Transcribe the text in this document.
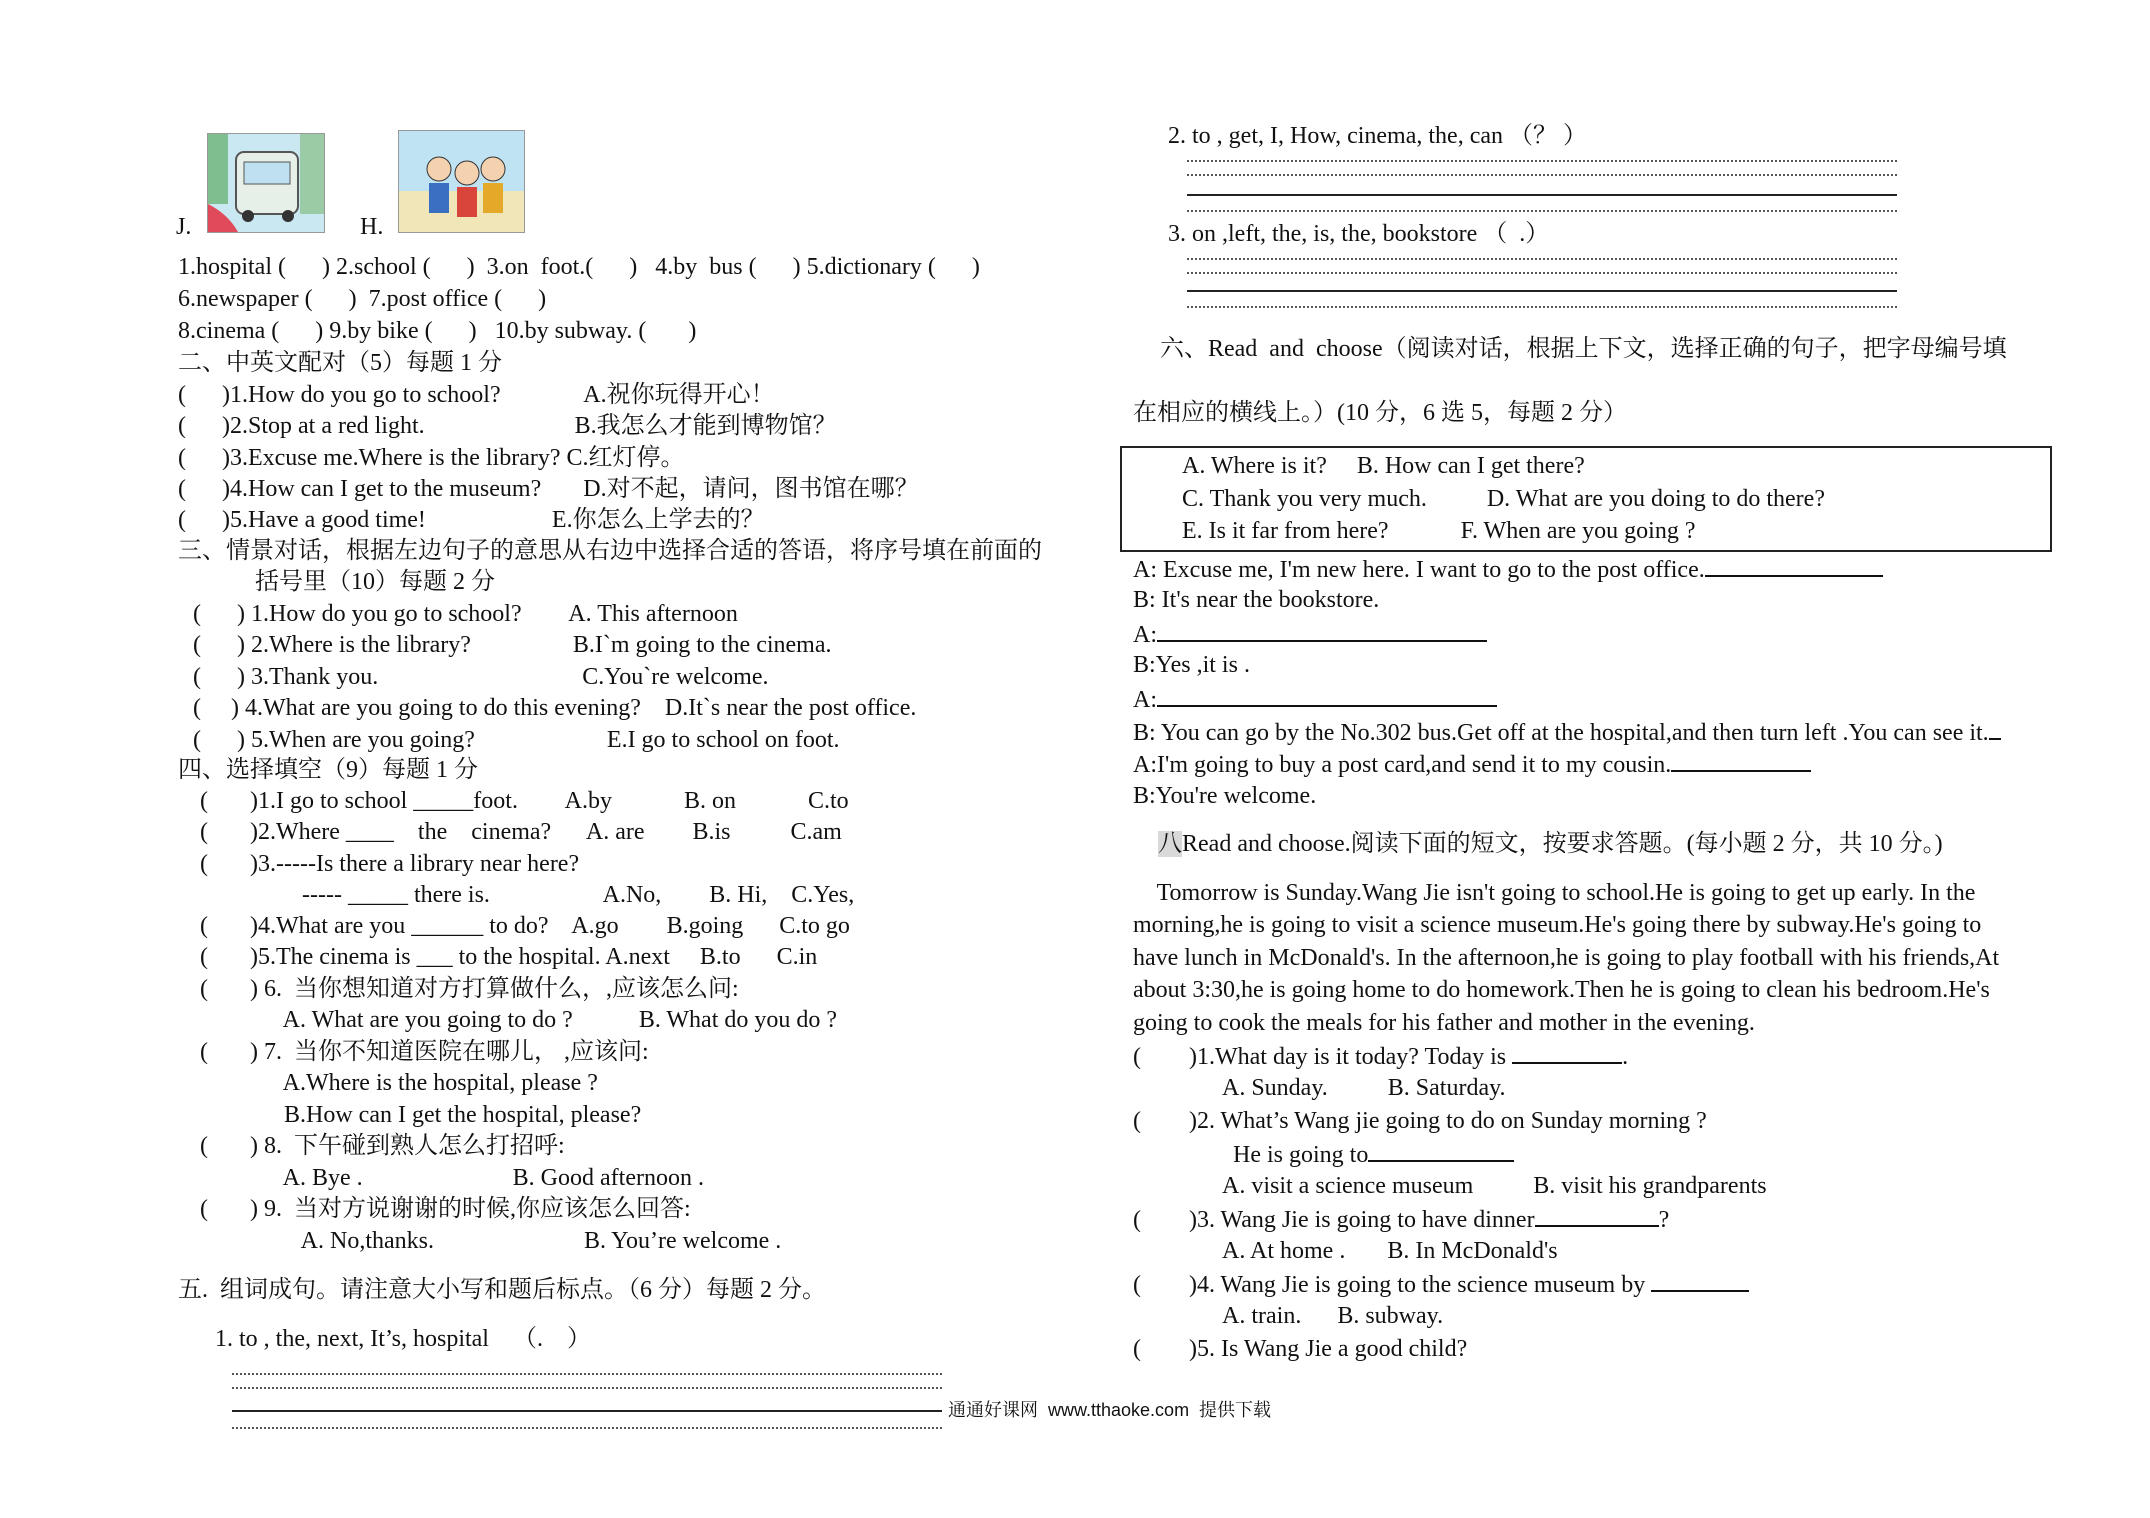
J.	H.
1.hospital (      ) 2.school (      )  3.on  foot.(      )   4.by  bus (      ) 5.dictionary (      )
6.newspaper (      )  7.post office (      )
8.cinema (      ) 9.by bike (      )   10.by subway. (       )
二、中英文配对（5）每题 1 分
(      )1.How do you go to school?              A.祝你玩得开心！
(      )2.Stop at a red light.                         B.我怎么才能到博物馆？
(      )3.Excuse me.Where is the library? C.红灯停。
(      )4.How can I get to the museum?       D.对不起，请问，图书馆在哪？
(      )5.Have a good time!                     E.你怎么上学去的？
三、情景对话，根据左边句子的意思从右边中选择合适的答语，将序号填在前面的
括号里（10）每题 2 分
(      ) 1.How do you go to school?        A. This afternoon
(      ) 2.Where is the library?                 B.I`m going to the cinema.
(      ) 3.Thank you.                                  C.You`re welcome.
(     ) 4.What are you going to do this evening?    D.It`s near the post office.
(      ) 5.When are you going?                      E.I go to school on foot.
四、选择填空（9）每题 1 分
(       )1.I go to school _____foot.        A.by            B. on            C.to
(       )2.Where ____    the    cinema?      A. are        B.is          C.am
(       )3.-----Is there a library near here?
----- _____ there is.                   A.No,        B. Hi,    C.Yes,
(       )4.What are you ______ to do?    A.go        B.going      C.to go
(       )5.The cinema is ___ to the hospital. A.next     B.to      C.in
(       ) 6.  当你想知道对方打算做什么，,应该怎么问:
A. What are you going to do ?           B. What do you do ?
(       ) 7.  当你不知道医院在哪儿， ,应该问:
A.Where is the hospital, please ?
B.How can I get the hospital, please?
(       ) 8.  下午碰到熟人怎么打招呼:
A. Bye .                         B. Good afternoon .
(       ) 9.  当对方说谢谢的时候,你应该怎么回答:
A. No,thanks.                         B. You’re welcome .
五.  组词成句。请注意大小写和题后标点。（6 分）每题 2 分。
1. to , the, next, It’s, hospital    （.    ）
通通好课网  www.tthaoke.com  提供下载
2. to , get, I, How, cinema, the, can （？ ）
3. on ,left, the, is, the, bookstore （  .）
六、Read  and  choose（阅读对话，根据上下文，选择正确的句子，把字母编号填
在相应的横线上。）(10 分，6 选 5，每题 2 分）
A. Where is it?     B. How can I get there?
C. Thank you very much.          D. What are you doing to do there?
E. Is it far from here?            F. When are you going ?
A: Excuse me, I'm new here. I want to go to the post office.
B: It's near the bookstore.
A:
B:Yes ,it is .
A:
B: You can go by the No.302 bus.Get off at the hospital,and then turn left .You can see it.
A:I'm going to buy a post card,and send it to my cousin.
B:You're welcome.
八Read and choose.阅读下面的短文，按要求答题。(每小题 2 分，共 10 分。)
Tomorrow is Sunday.Wang Jie isn't going to school.He is going to get up early. In the
morning,he is going to visit a science museum.He's going there by subway.He's going to
have lunch in McDonald's. In the afternoon,he is going to play football with his friends,At
about 3:30,he is going home to do homework.Then he is going to clean his bedroom.He's
going to cook the meals for his father and mother in the evening.
(        )1.What day is it today? Today is	.
A. Sunday.          B. Saturday.
(        )2. What’s Wang jie going to do on Sunday morning ?
He is going to
A. visit a science museum          B. visit his grandparents
(        )3. Wang Jie is going to have dinner	?
A. At home .       B. In McDonald's
(        )4. Wang Jie is going to the science museum by
A. train.      B. subway.
(        )5. Is Wang Jie a good child?
